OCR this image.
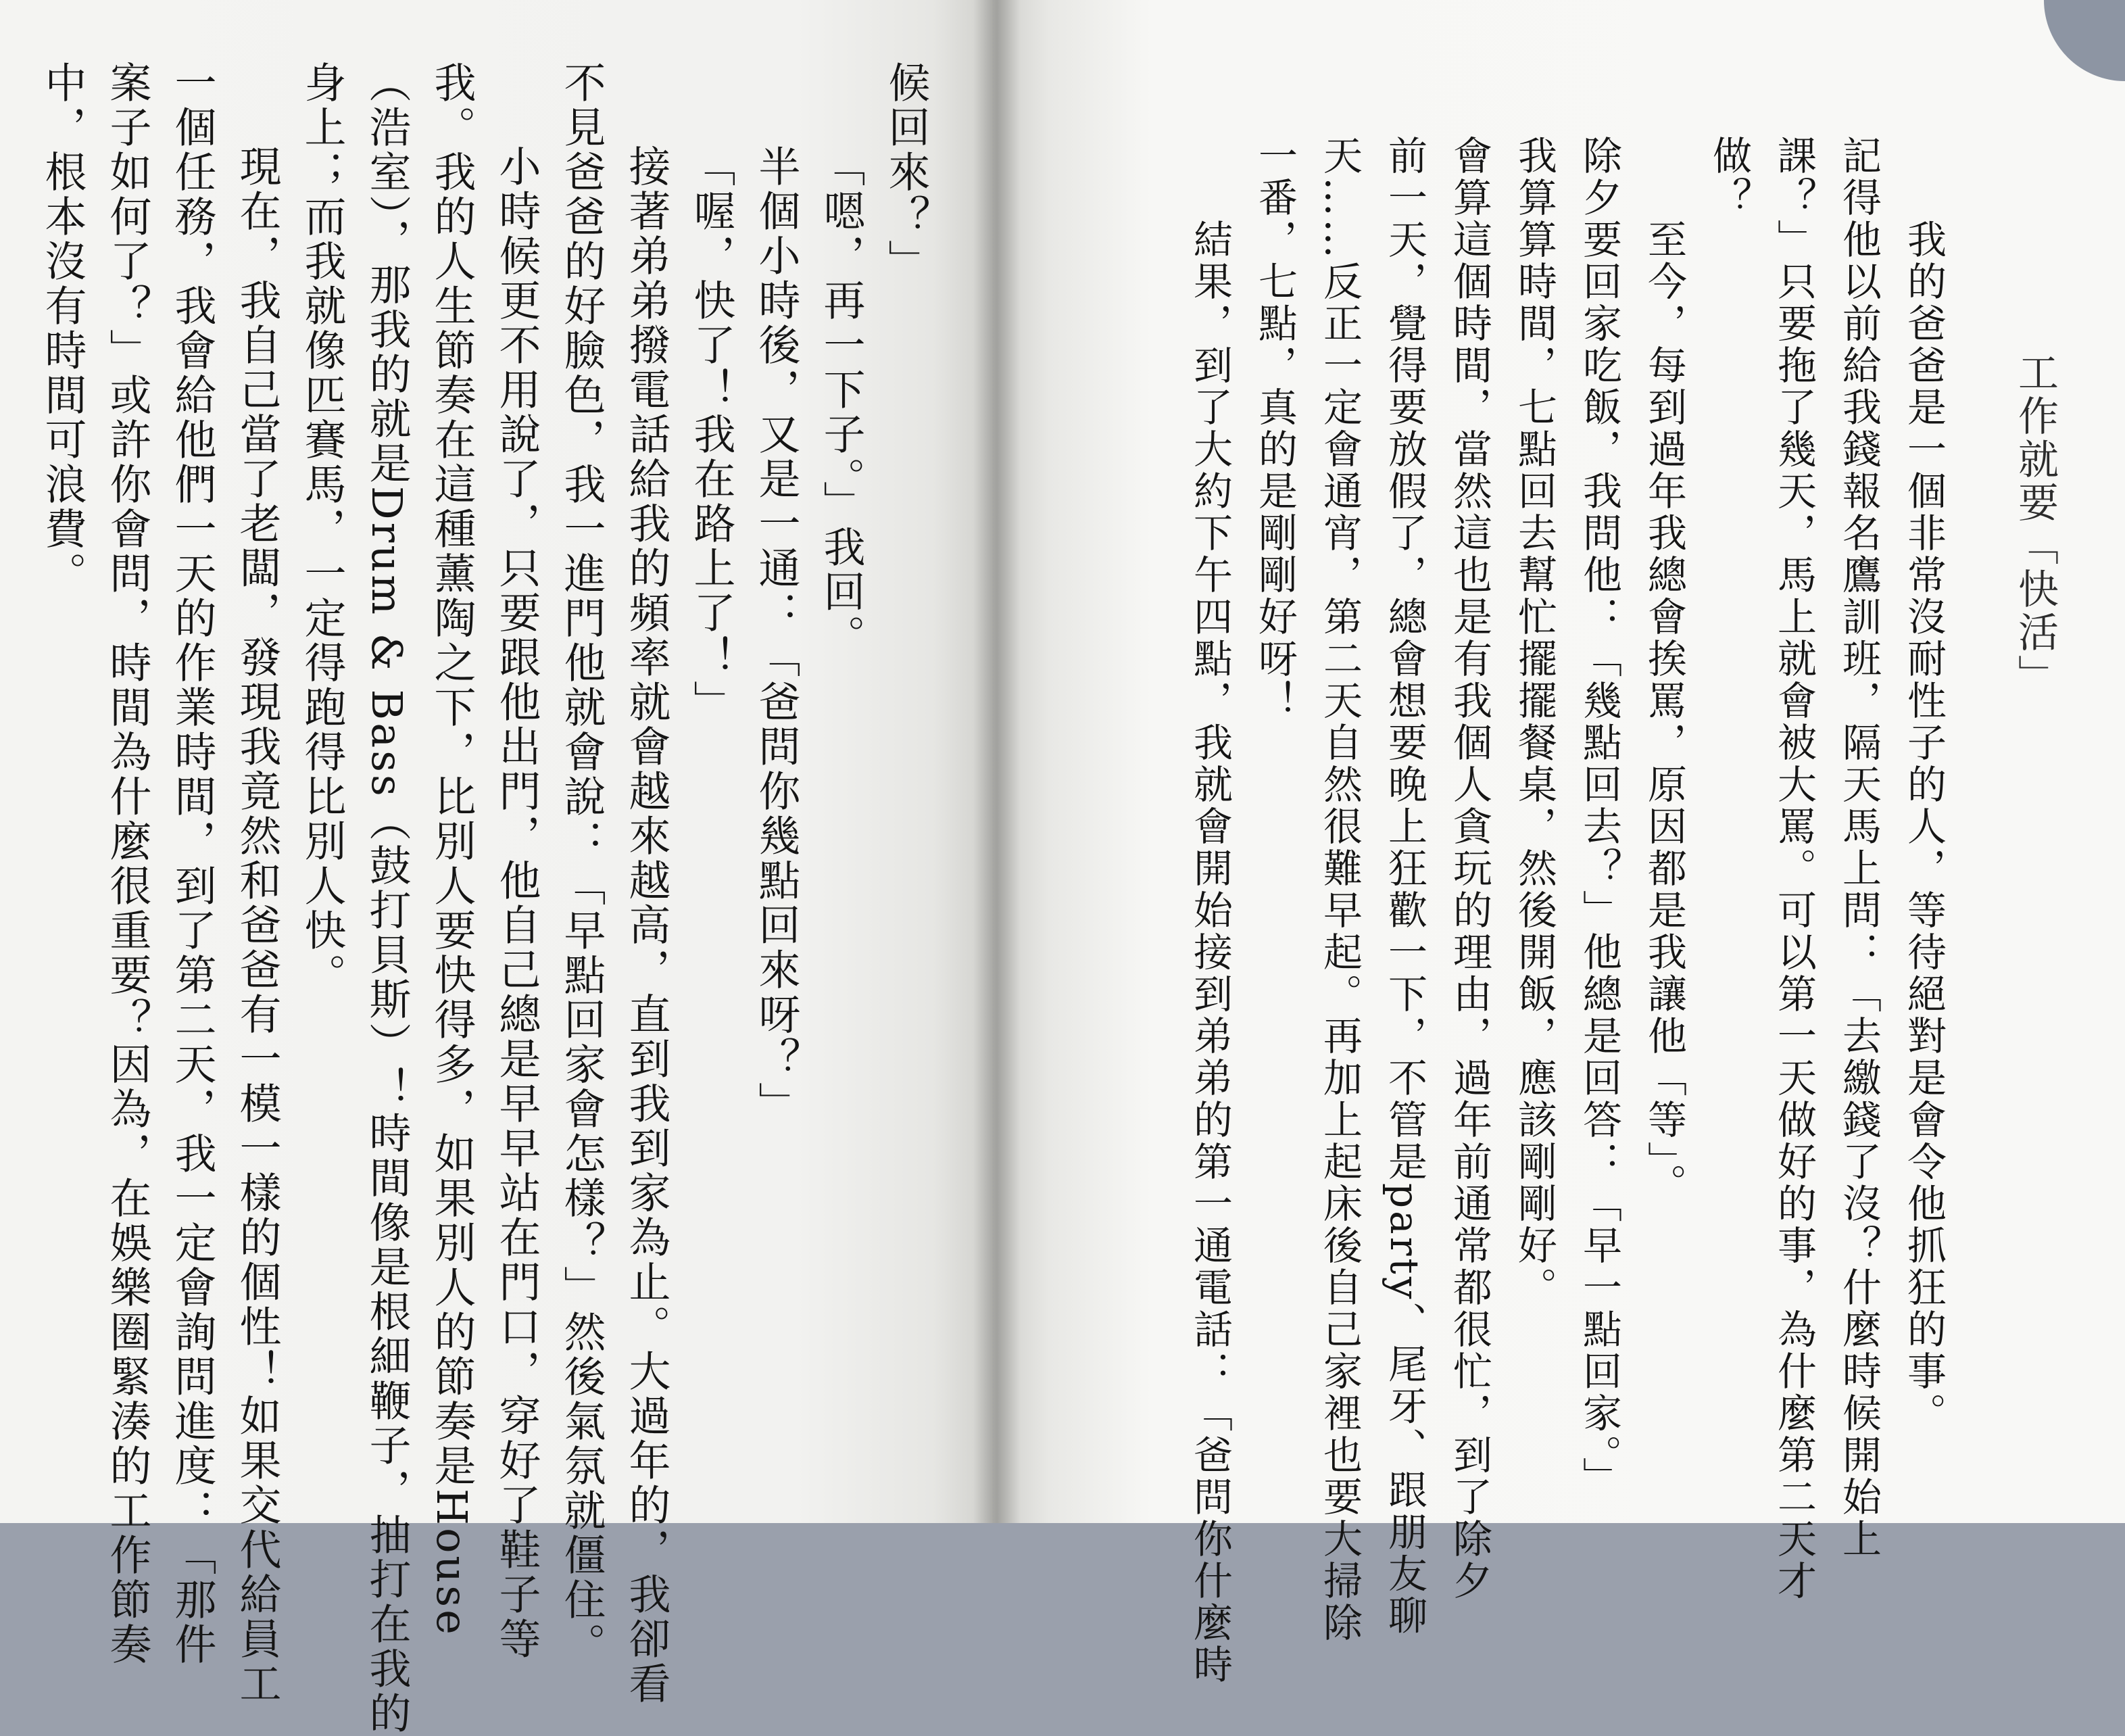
候回來？」
「嗯，再一下子。」我回。
半個小時後，又是一通：「爸問你幾點回來呀？」
「喔，快了！我在路上了！」
接著弟弟撥電話給我的頻率就會越來越高，直到我到家為止。大過年的，我卻看
不見爸爸的好臉色，我一進門他就會說：「早點回家會怎樣？」然後氣氛就僵住。
小時候更不用說了，只要跟他出門，他自己總是早早站在門口，穿好了鞋子等
我。我的人生節奏在這種薰陶之下，比別人要快得多，如果別人的節奏是House
（浩室），那我的就是Drum & Bass（鼓打貝斯）！時間像是根細鞭子，抽打在我的
身上；而我就像匹賽馬，一定得跑得比別人快。
現在，我自己當了老闆，發現我竟然和爸爸有一模一樣的個性！如果交代給員工
一個任務，我會給他們一天的作業時間，到了第二天，我一定會詢問進度：「那件
案子如何了？」或許你會問，時間為什麼很重要？因為，在娛樂圈緊湊的工作節奏
中，根本沒有時間可浪費。	工作就要「快活」
我的爸爸是一個非常沒耐性子的人，等待絕對是會令他抓狂的事。
記得他以前給我錢報名鷹訓班，隔天馬上問：「去繳錢了沒？什麼時候開始上
課？」只要拖了幾天，馬上就會被大罵。可以第一天做好的事，為什麼第二天才
做？
至今，每到過年我總會挨罵，原因都是我讓他「等」。
除夕要回家吃飯，我問他：「幾點回去？」他總是回答：「早一點回家。」
我算算時間，七點回去幫忙擺擺餐桌，然後開飯，應該剛剛好。
會算這個時間，當然這也是有我個人貪玩的理由，過年前通常都很忙，到了除夕
前一天，覺得要放假了，總會想要晚上狂歡一下，不管是party、尾牙、跟朋友聊
天……反正一定會通宵，第二天自然很難早起。再加上起床後自己家裡也要大掃除
一番，七點，真的是剛剛好呀！
結果，到了大約下午四點，我就會開始接到弟弟的第一通電話：「爸問你什麼時
